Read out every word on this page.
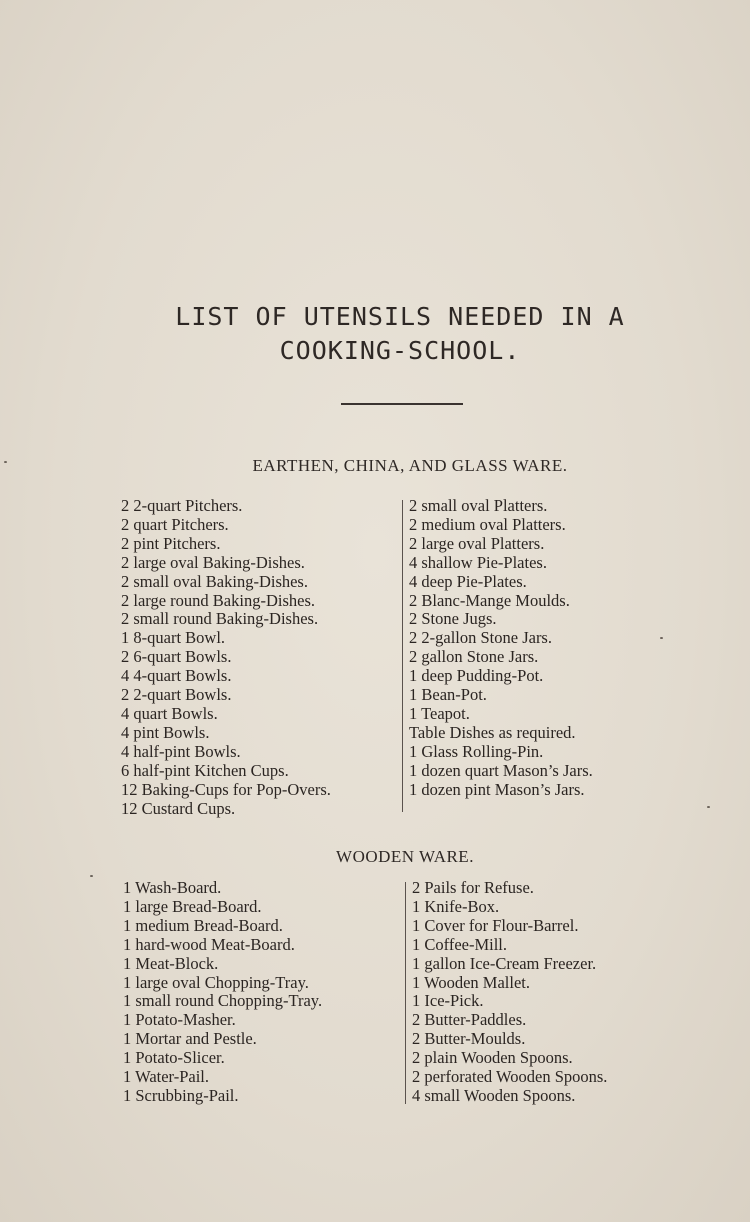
LIST OF UTENSILS NEEDED IN A
COOKING-SCHOOL.
EARTHEN, CHINA, AND GLASS WARE.
2 2-quart Pitchers.
2 quart Pitchers.
2 pint Pitchers.
2 large oval Baking-Dishes.
2 small oval Baking-Dishes.
2 large round Baking-Dishes.
2 small round Baking-Dishes.
1 8-quart Bowl.
2 6-quart Bowls.
4 4-quart Bowls.
2 2-quart Bowls.
4 quart Bowls.
4 pint Bowls.
4 half-pint Bowls.
6 half-pint Kitchen Cups.
12 Baking-Cups for Pop-Overs.
12 Custard Cups.
2 small oval Platters.
2 medium oval Platters.
2 large oval Platters.
4 shallow Pie-Plates.
4 deep Pie-Plates.
2 Blanc-Mange Moulds.
2 Stone Jugs.
2 2-gallon Stone Jars.
2 gallon Stone Jars.
1 deep Pudding-Pot.
1 Bean-Pot.
1 Teapot.
Table Dishes as required.
1 Glass Rolling-Pin.
1 dozen quart Mason’s Jars.
1 dozen pint Mason’s Jars.
WOODEN WARE.
1 Wash-Board.
1 large Bread-Board.
1 medium Bread-Board.
1 hard-wood Meat-Board.
1 Meat-Block.
1 large oval Chopping-Tray.
1 small round Chopping-Tray.
1 Potato-Masher.
1 Mortar and Pestle.
1 Potato-Slicer.
1 Water-Pail.
1 Scrubbing-Pail.
2 Pails for Refuse.
1 Knife-Box.
1 Cover for Flour-Barrel.
1 Coffee-Mill.
1 gallon Ice-Cream Freezer.
1 Wooden Mallet.
1 Ice-Pick.
2 Butter-Paddles.
2 Butter-Moulds.
2 plain Wooden Spoons.
2 perforated Wooden Spoons.
4 small Wooden Spoons.
